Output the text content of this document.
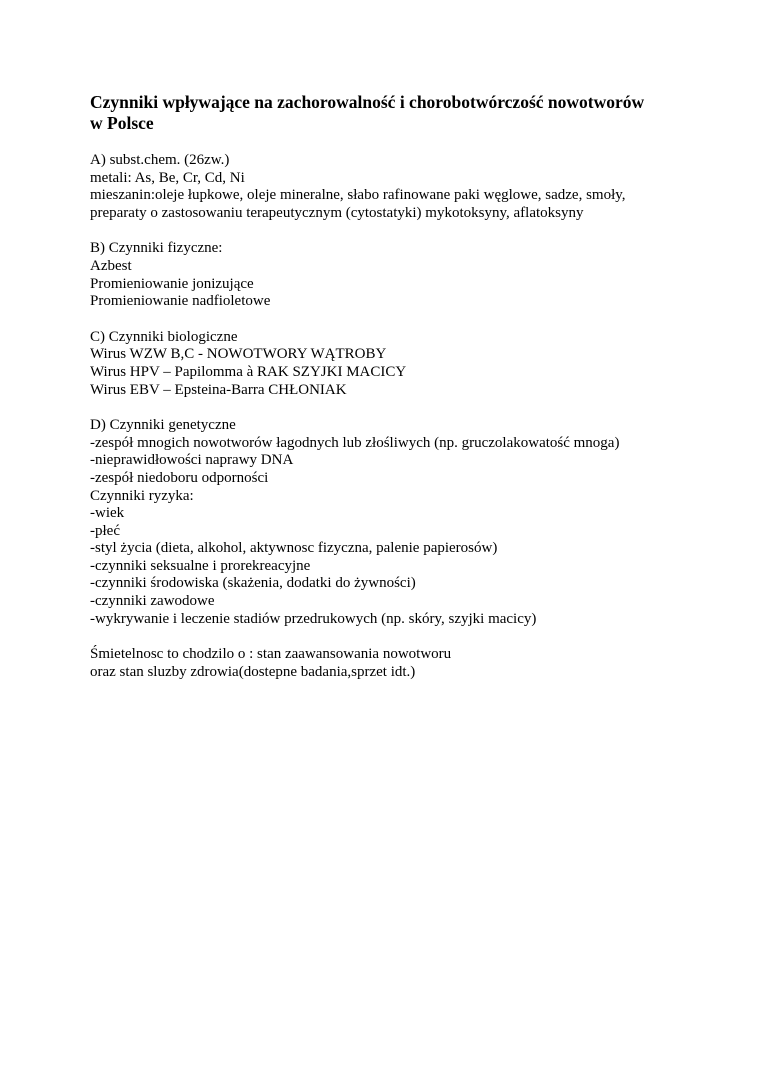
Czynniki wpływające na zachorowalność i chorobotwórczość nowotworów w Polsce

A) subst.chem. (26zw.)

metali: As, Be, Cr, Cd, Ni

mieszanin:oleje łupkowe, oleje mineralne, słabo rafinowane paki węglowe, sadze, smoły,

preparaty o zastosowaniu terapeutycznym (cytostatyki) mykotoksyny, aflatoksyny

B) Czynniki fizyczne:

Azbest

Promieniowanie jonizujące

Promieniowanie nadfioletowe

C) Czynniki biologiczne

Wirus WZW B,C - NOWOTWORY WĄTROBY

Wirus HPV – Papilomma à RAK SZYJKI MACICY

Wirus EBV – Epsteina-Barra CHŁONIAK

D) Czynniki genetyczne

-zespół mnogich nowotworów łagodnych lub złośliwych (np. gruczolakowatość mnoga)

-nieprawidłowości naprawy DNA

-zespół niedoboru odporności

Czynniki ryzyka:

-wiek

-płeć

-styl życia (dieta, alkohol, aktywnosc fizyczna, palenie papierosów)

-czynniki seksualne i prorekreacyjne

-czynniki środowiska (skażenia, dodatki do żywności)

-czynniki zawodowe

-wykrywanie i leczenie stadiów przedrukowych (np. skóry, szyjki macicy)

Śmietelnosc to chodzilo o : stan zaawansowania nowotworu

oraz stan sluzby zdrowia(dostepne badania,sprzet idt.)
